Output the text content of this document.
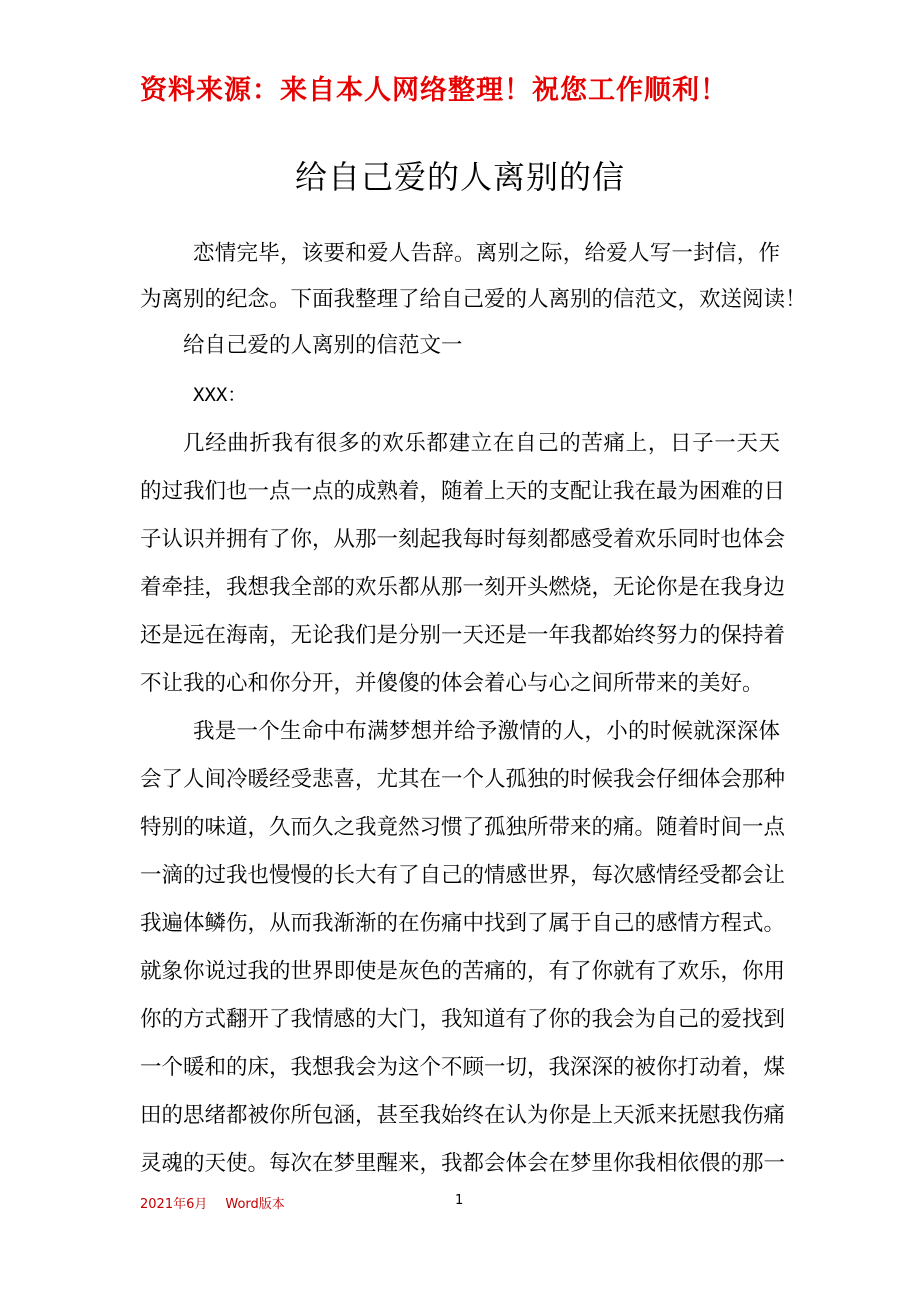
资料来源：来自本人网络整理！祝您工作顺利！
给自己爱的人离别的信
恋情完毕，该要和爱人告辞。离别之际，给爱人写一封信，作
为离别的纪念。下面我整理了给自己爱的人离别的信范文，欢送阅读！
给自己爱的人离别的信范文一
XXX：
几经曲折我有很多的欢乐都建立在自己的苦痛上，日子一天天
的过我们也一点一点的成熟着，随着上天的支配让我在最为困难的日
子认识并拥有了你，从那一刻起我每时每刻都感受着欢乐同时也体会
着牵挂，我想我全部的欢乐都从那一刻开头燃烧，无论你是在我身边
还是远在海南，无论我们是分别一天还是一年我都始终努力的保持着
不让我的心和你分开，并傻傻的体会着心与心之间所带来的美好。
我是一个生命中布满梦想并给予激情的人，小的时候就深深体
会了人间冷暖经受悲喜，尤其在一个人孤独的时候我会仔细体会那种
特别的味道，久而久之我竟然习惯了孤独所带来的痛。随着时间一点
一滴的过我也慢慢的长大有了自己的情感世界，每次感情经受都会让
我遍体鳞伤，从而我渐渐的在伤痛中找到了属于自己的感情方程式。
就象你说过我的世界即使是灰色的苦痛的，有了你就有了欢乐，你用
你的方式翻开了我情感的大门，我知道有了你的我会为自己的爱找到
一个暖和的床，我想我会为这个不顾一切，我深深的被你打动着，煤
田的思绪都被你所包涵，甚至我始终在认为你是上天派来抚慰我伤痛
灵魂的天使。每次在梦里醒来，我都会体会在梦里你我相依偎的那一
2021年6月 Word版本	1
